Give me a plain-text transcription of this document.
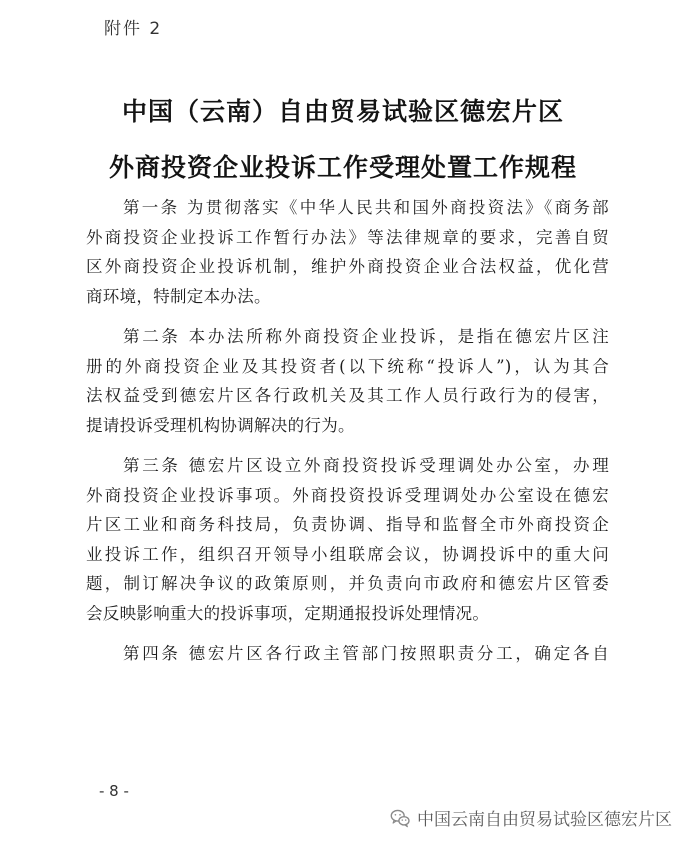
附件 2
中国（云南）自由贸易试验区德宏片区
外商投资企业投诉工作受理处置工作规程
第一条 为贯彻落实《中华人民共和国外商投资法》《商务部
外商投资企业投诉工作暂行办法》等法律规章的要求，完善自贸
区外商投资企业投诉机制，维护外商投资企业合法权益，优化营
商环境，特制定本办法。
第二条 本办法所称外商投资企业投诉，是指在德宏片区注
册的外商投资企业及其投资者(以下统称“投诉人”)，认为其合
法权益受到德宏片区各行政机关及其工作人员行政行为的侵害，
提请投诉受理机构协调解决的行为。
第三条 德宏片区设立外商投资投诉受理调处办公室，办理
外商投资企业投诉事项。外商投资投诉受理调处办公室设在德宏
片区工业和商务科技局，负责协调、指导和监督全市外商投资企
业投诉工作，组织召开领导小组联席会议，协调投诉中的重大问
题，制订解决争议的政策原则，并负责向市政府和德宏片区管委
会反映影响重大的投诉事项，定期通报投诉处理情况。
第四条 德宏片区各行政主管部门按照职责分工，确定各自
- 8 -
中国云南自由贸易试验区德宏片区
